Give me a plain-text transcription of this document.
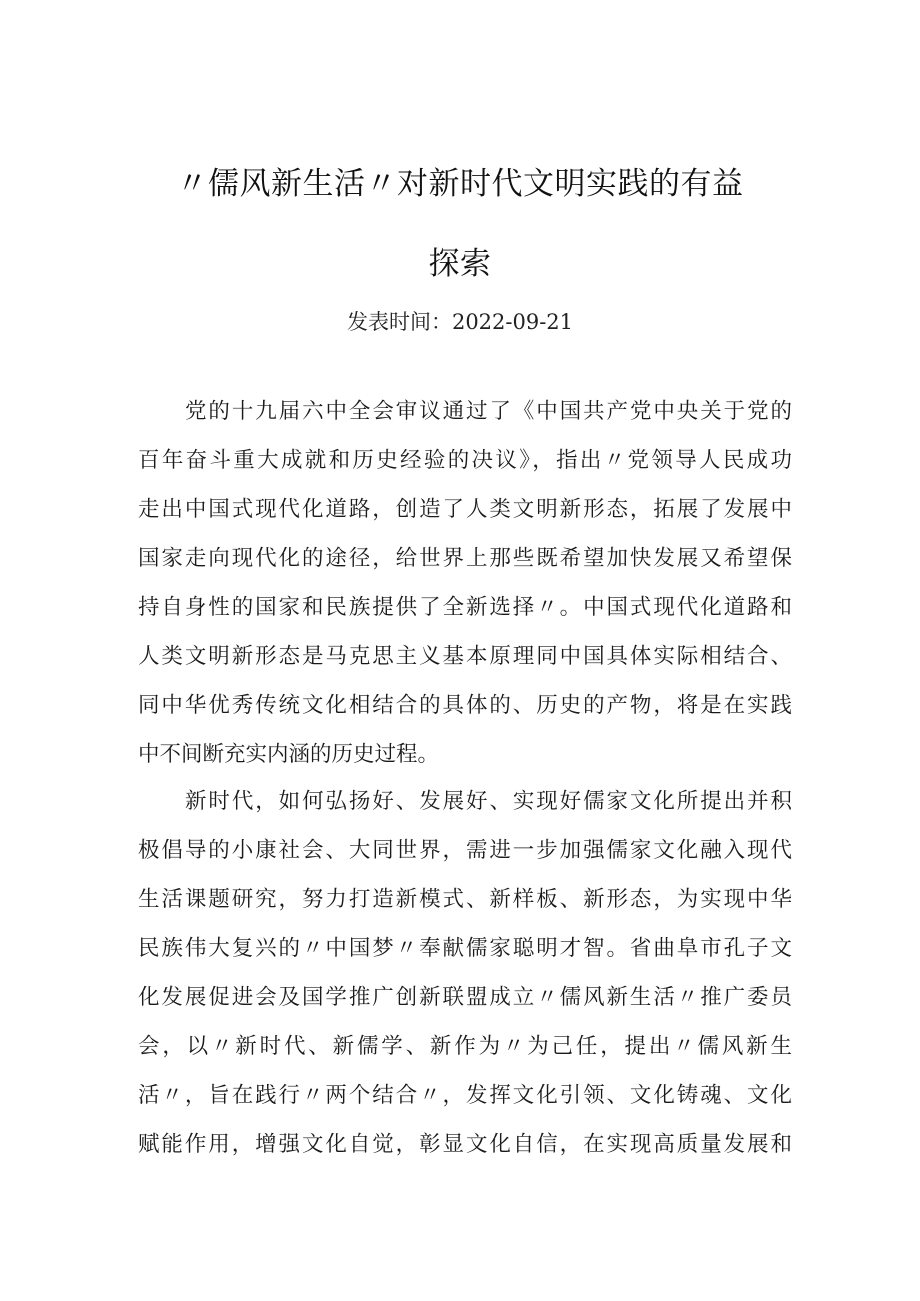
〃儒风新生活〃对新时代文明实践的有益
探索
发表时间：2022-09-21
党的十九届六中全会审议通过了《中国共产党中央关于党的
百年奋斗重大成就和历史经验的决议》，指出〃党领导人民成功
走出中国式现代化道路，创造了人类文明新形态，拓展了发展中
国家走向现代化的途径，给世界上那些既希望加快发展又希望保
持自身性的国家和民族提供了全新选择〃。中国式现代化道路和
人类文明新形态是马克思主义基本原理同中国具体实际相结合、
同中华优秀传统文化相结合的具体的、历史的产物，将是在实践
中不间断充实内涵的历史过程。
新时代，如何弘扬好、发展好、实现好儒家文化所提出并积
极倡导的小康社会、大同世界，需进一步加强儒家文化融入现代
生活课题研究，努力打造新模式、新样板、新形态，为实现中华
民族伟大复兴的〃中国梦〃奉献儒家聪明才智。省曲阜市孔子文
化发展促进会及国学推广创新联盟成立〃儒风新生活〃推广委员
会，以〃新时代、新儒学、新作为〃为己任，提出〃儒风新生
活〃，旨在践行〃两个结合〃，发挥文化引领、文化铸魂、文化
赋能作用，增强文化自觉，彰显文化自信，在实现高质量发展和
